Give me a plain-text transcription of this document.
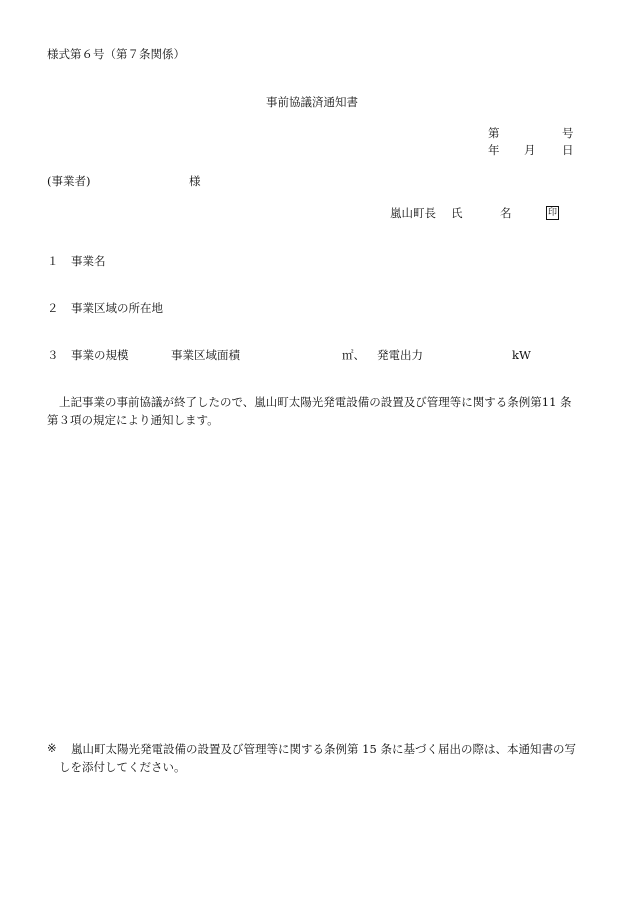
様式第６号（第７条関係）
事前協議済通知書
第	号
年 月 日
(事業者)	様
嵐山町長 氏	名	印
１ 事業名
２ 事業区域の所在地
３ 事業の規模	事業区域面積	㎡、 発電出力	kW
上記事業の事前協議が終了したので、嵐山町太陽光発電設備の設置及び管理等に関する条例第11 条第３項の規定により通知します。
※	嵐山町太陽光発電設備の設置及び管理等に関する条例第 15 条に基づく届出の際は、本通知書の写しを添付してください。
